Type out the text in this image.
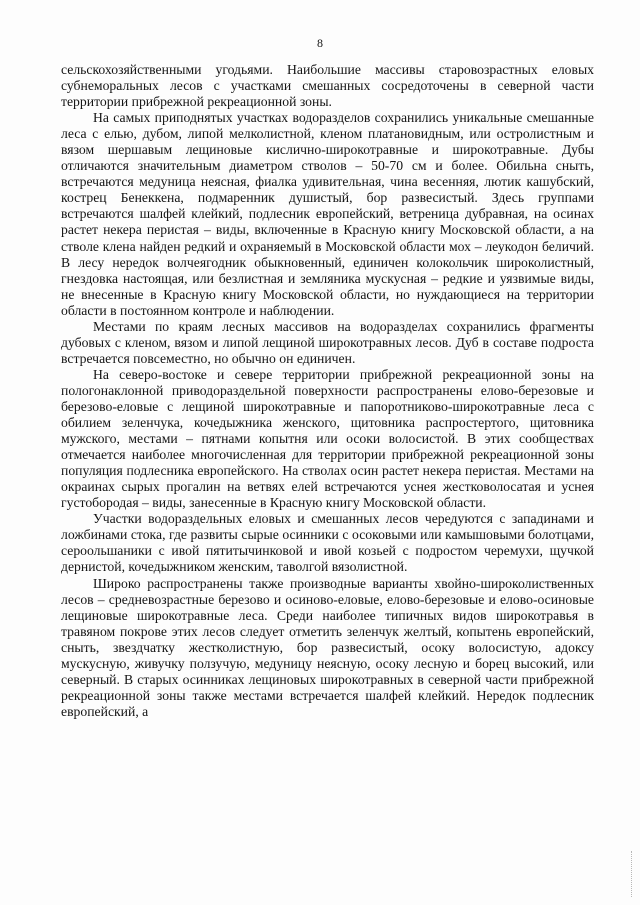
8

сельскохозяйственными угодьями. Наибольшие массивы старовозрастных еловых субнеморальных лесов с участками смешанных сосредоточены в северной части территории прибрежной рекреационной зоны.

На самых приподнятых участках водоразделов сохранились уникальные смешанные леса с елью, дубом, липой мелколистной, кленом платановидным, или остролистным и вязом шершавым лещиновые кислично-широкотравные и широкотравные. Дубы отличаются значительным диаметром стволов – 50-70 см и более. Обильна сныть, встречаются медуница неясная, фиалка удивительная, чина весенняя, лютик кашубский, кострец Бенеккена, подмаренник душистый, бор развесистый. Здесь группами встречаются шалфей клейкий, подлесник европейский, ветреница дубравная, на осинах растет некера перистая – виды, включенные в Красную книгу Московской области, а на стволе клена найден редкий и охраняемый в Московской области мох – леукодон беличий. В лесу нередок волчеягодник обыкновенный, единичен колокольчик широколистный, гнездовка настоящая, или безлистная и земляника мускусная – редкие и уязвимые виды, не внесенные в Красную книгу Московской области, но нуждающиеся на территории области в постоянном контроле и наблюдении.

Местами по краям лесных массивов на водоразделах сохранились фрагменты дубовых с кленом, вязом и липой лещиной широкотравных лесов. Дуб в составе подроста встречается повсеместно, но обычно он единичен.

На северо-востоке и севере территории прибрежной рекреационной зоны на пологонаклонной приводораздельной поверхности распространены елово-березовые и березово-еловые с лещиной широкотравные и папоротниково-широкотравные леса с обилием зеленчука, кочедыжника женского, щитовника распростертого, щитовника мужского, местами – пятнами копытня или осоки волосистой. В этих сообществах отмечается наиболее многочисленная для территории прибрежной рекреационной зоны популяция подлесника европейского. На стволах осин растет некера перистая. Местами на окраинах сырых прогалин на ветвях елей встречаются уснея жестковолосатая и уснея густобородая – виды, занесенные в Красную книгу Московской области.

Участки водораздельных еловых и смешанных лесов чередуются с западинами и ложбинами стока, где развиты сырые осинники с осоковыми или камышовыми болотцами, сероольшаники с ивой пятитычинковой и ивой козьей с подростом черемухи, щучкой дернистой, кочедыжником женским, таволгой вязолистной.

Широко распространены также производные варианты хвойно-широколиственных лесов – средневозрастные березово и осиново-еловые, елово-березовые и елово-осиновые лещиновые широкотравные леса. Среди наиболее типичных видов широкотравья в травяном покрове этих лесов следует отметить зеленчук желтый, копытень европейский, сныть, звездчатку жестколистную, бор развесистый, осоку волосистую, адоксу мускусную, живучку ползучую, медуницу неясную, осоку лесную и борец высокий, или северный. В старых осинниках лещиновых широкотравных в северной части прибрежной рекреационной зоны также местами встречается шалфей клейкий. Нередок подлесник европейский, а
